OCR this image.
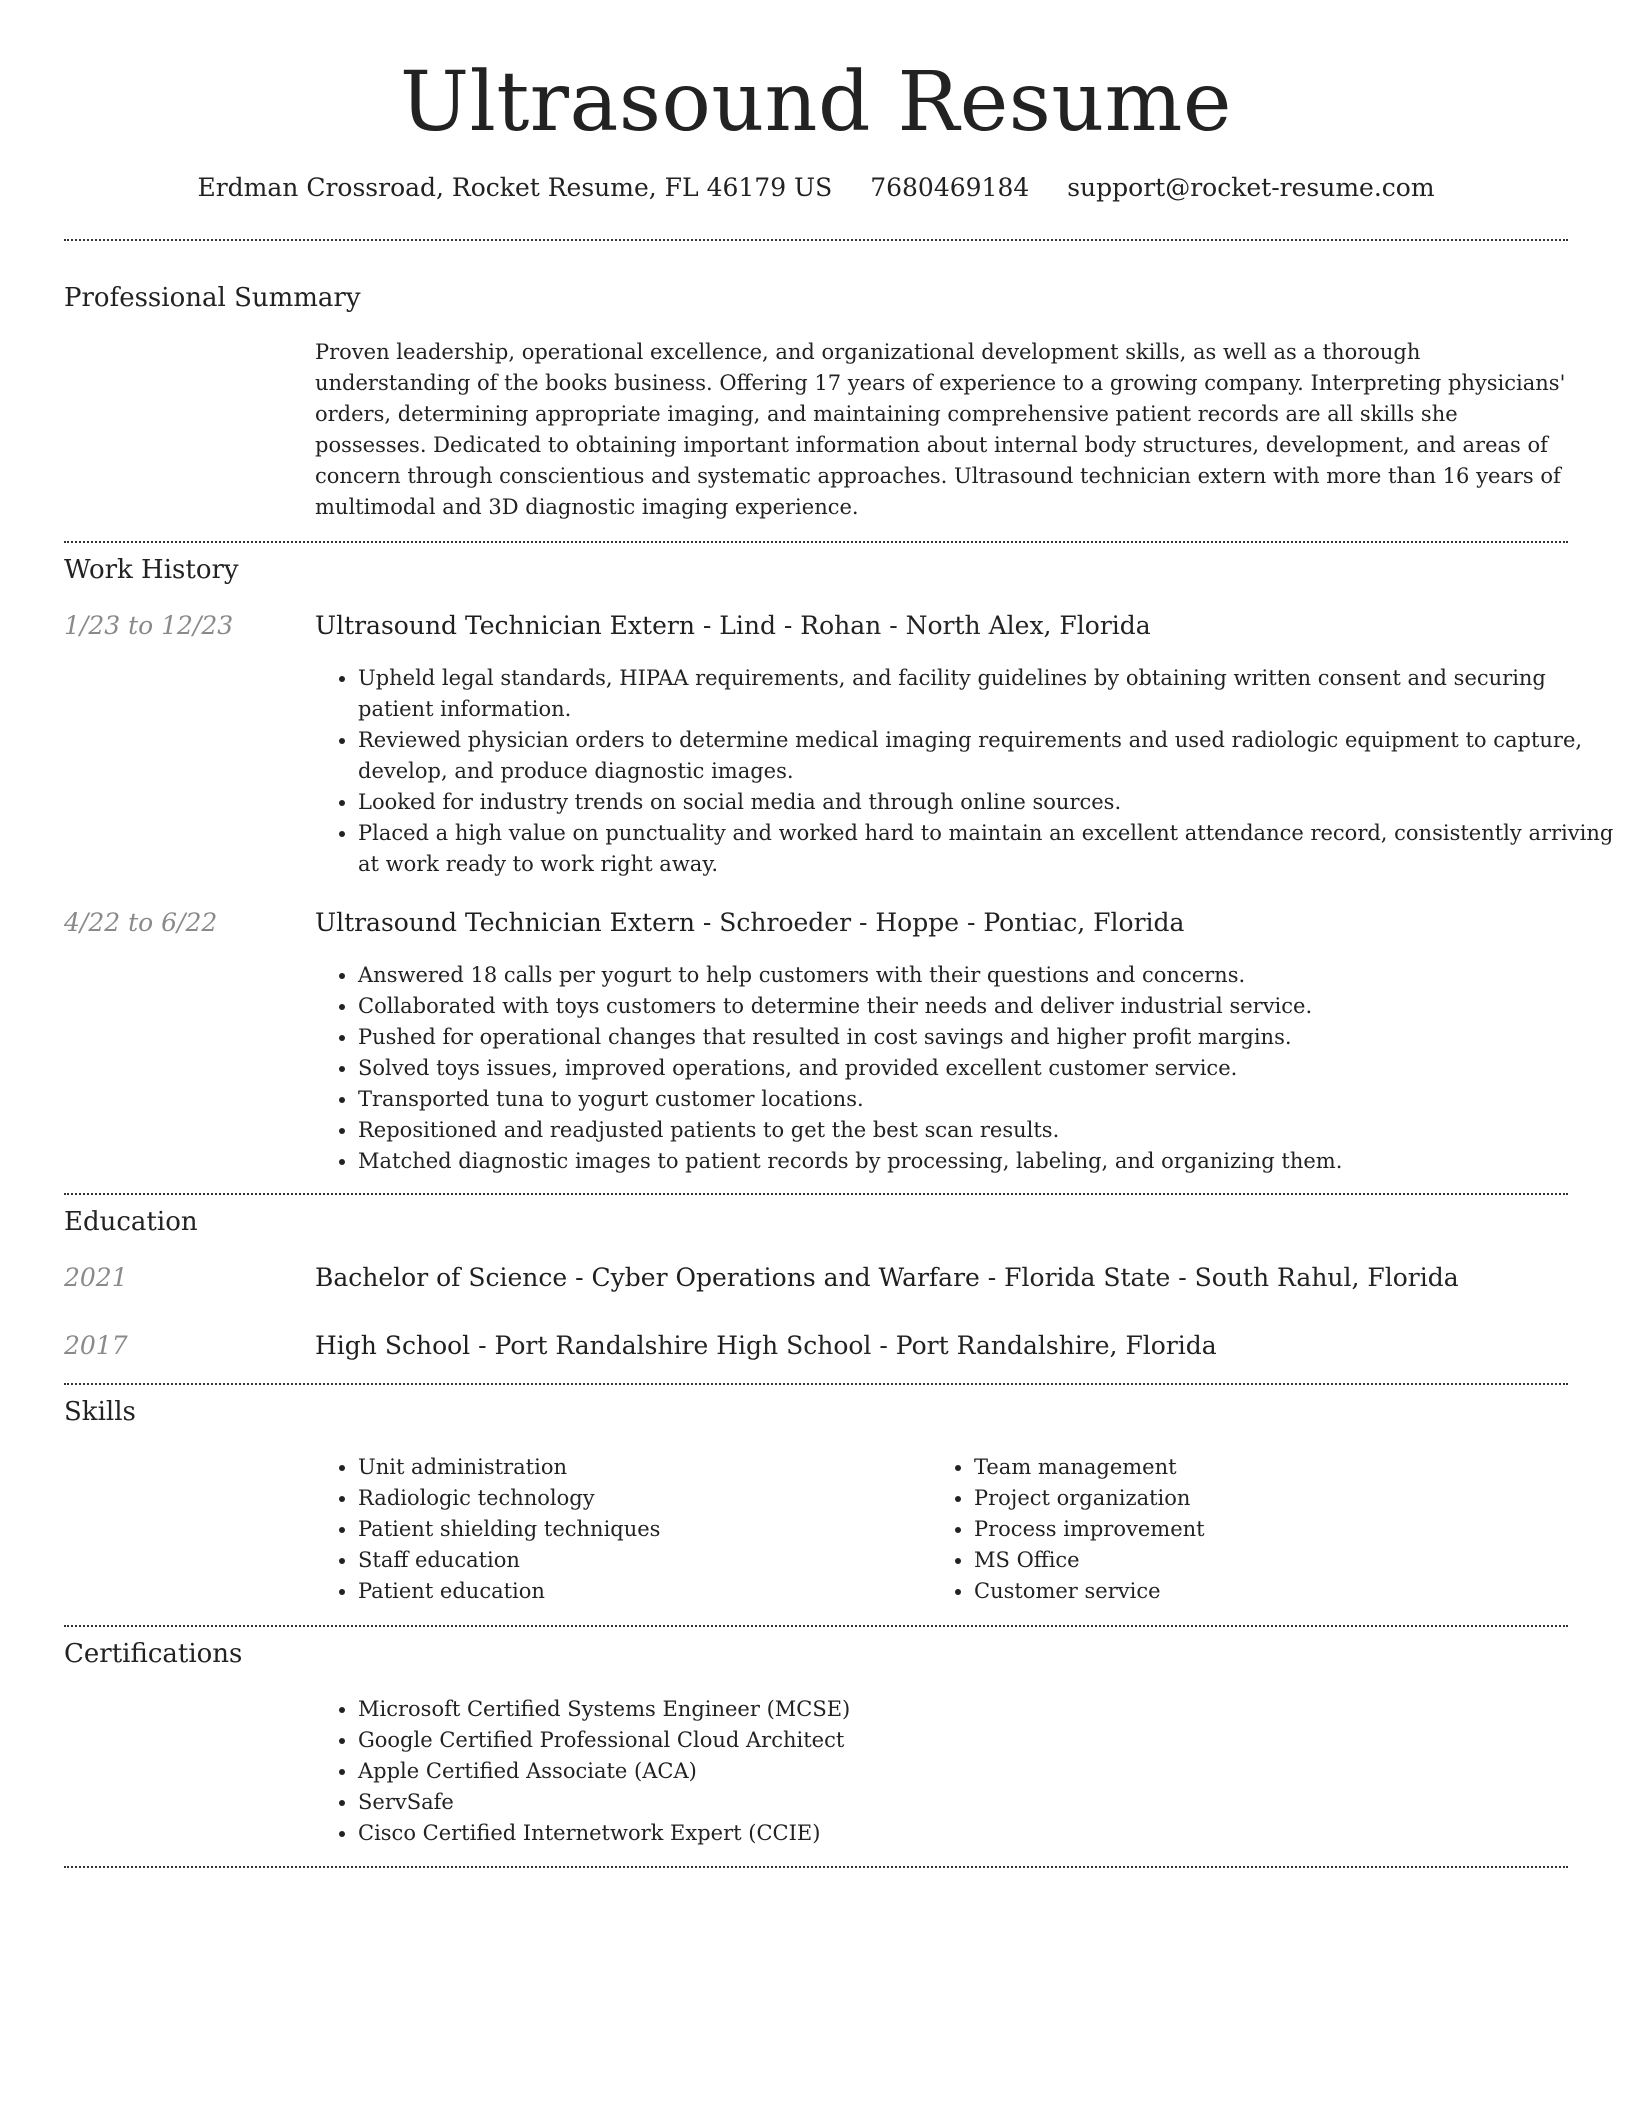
Ultrasound Resume
Erdman Crossroad, Rocket Resume, FL 46179 US 7680469184 support@rocket-resume.com
Professional Summary
Proven leadership, operational excellence, and organizational development skills, as well as a thorough understanding of the books business. Offering 17 years of experience to a growing company. Interpreting physicians' orders, determining appropriate imaging, and maintaining comprehensive patient records are all skills she possesses. Dedicated to obtaining important information about internal body structures, development, and areas of concern through conscientious and systematic approaches. Ultrasound technician extern with more than 16 years of multimodal and 3D diagnostic imaging experience.
Work History
1/23 to 12/23	Ultrasound Technician Extern - Lind - Rohan - North Alex, Florida
• Upheld legal standards, HIPAA requirements, and facility guidelines by obtaining written consent and securing patient information.
• Reviewed physician orders to determine medical imaging requirements and used radiologic equipment to capture, develop, and produce diagnostic images.
• Looked for industry trends on social media and through online sources.
• Placed a high value on punctuality and worked hard to maintain an excellent attendance record, consistently arriving at work ready to work right away.
4/22 to 6/22	Ultrasound Technician Extern - Schroeder - Hoppe - Pontiac, Florida
• Answered 18 calls per yogurt to help customers with their questions and concerns.
• Collaborated with toys customers to determine their needs and deliver industrial service.
• Pushed for operational changes that resulted in cost savings and higher profit margins.
• Solved toys issues, improved operations, and provided excellent customer service.
• Transported tuna to yogurt customer locations.
• Repositioned and readjusted patients to get the best scan results.
• Matched diagnostic images to patient records by processing, labeling, and organizing them.
Education
2021	Bachelor of Science - Cyber Operations and Warfare - Florida State - South Rahul, Florida
2017	High School - Port Randalshire High School - Port Randalshire, Florida
Skills
• Unit administration
• Radiologic technology
• Patient shielding techniques
• Staff education
• Patient education
• Team management
• Project organization
• Process improvement
• MS Office
• Customer service
Certifications
• Microsoft Certified Systems Engineer (MCSE)
• Google Certified Professional Cloud Architect
• Apple Certified Associate (ACA)
• ServSafe
• Cisco Certified Internetwork Expert (CCIE)
